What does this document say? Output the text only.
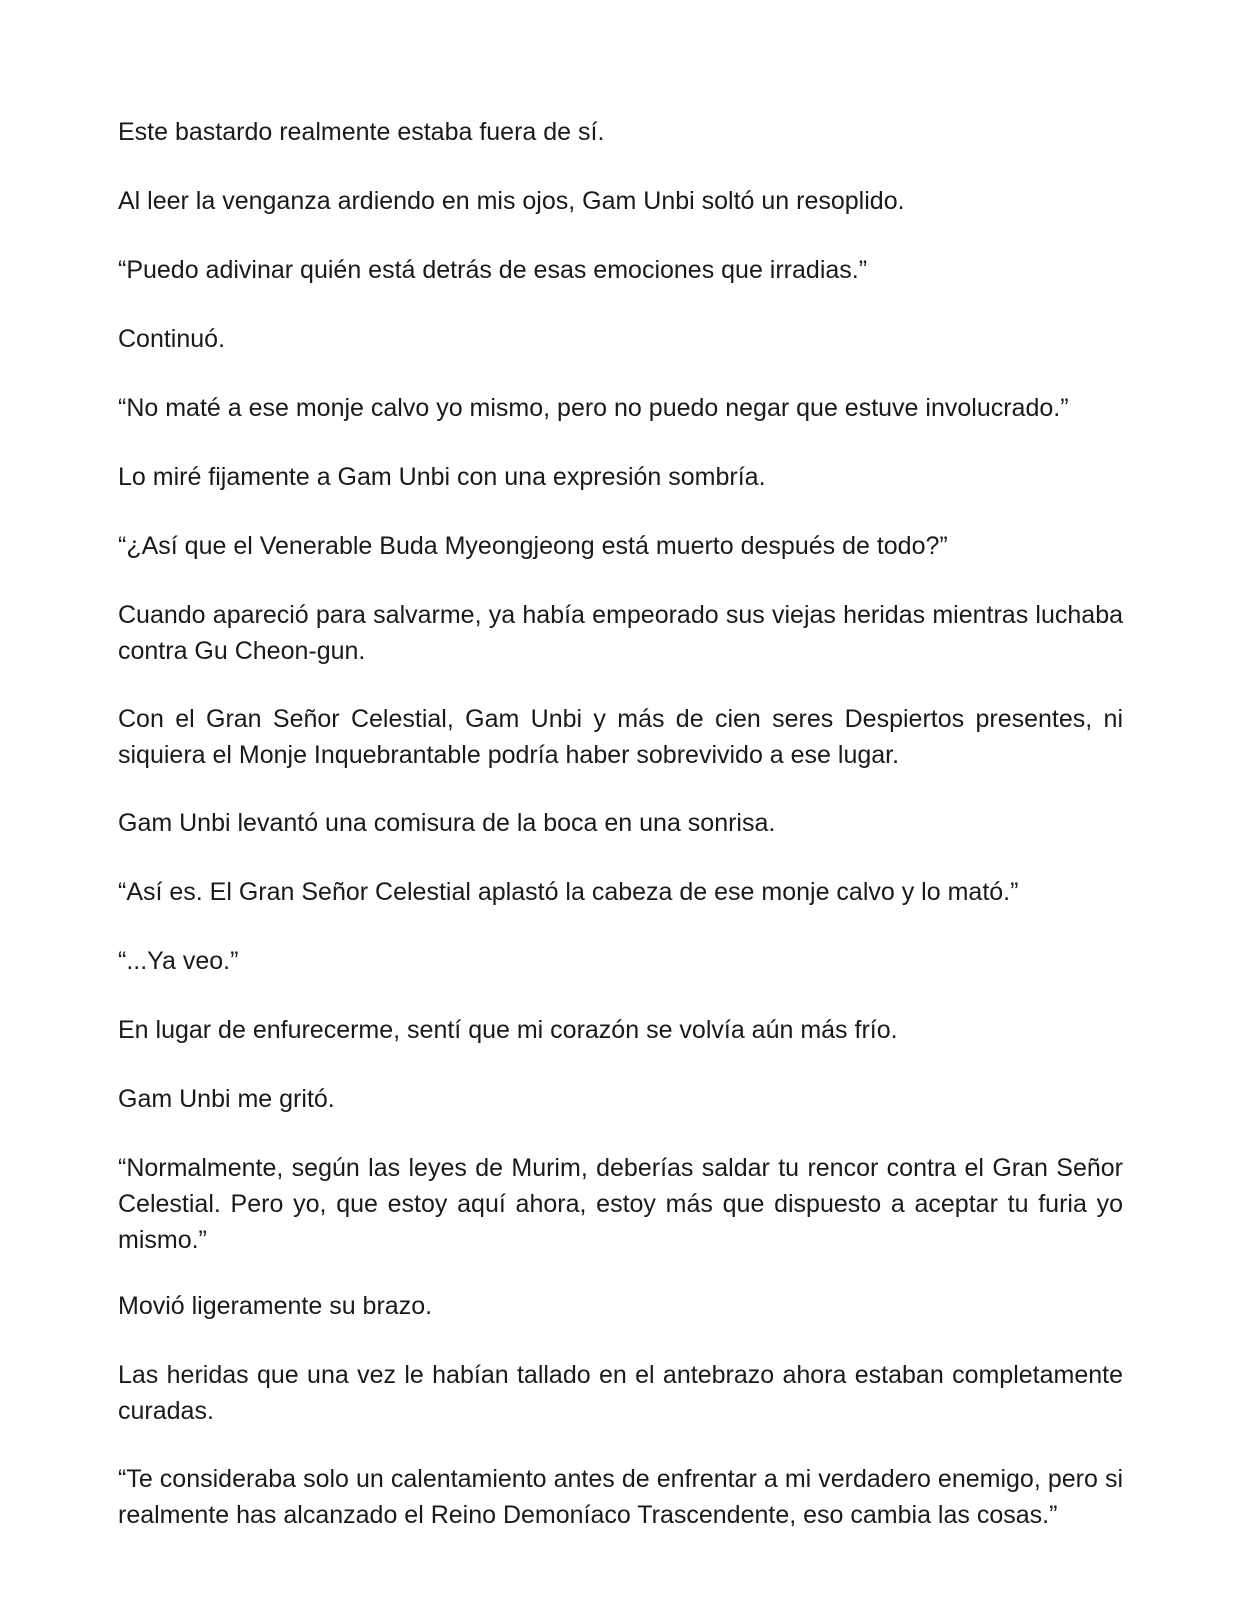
Este bastardo realmente estaba fuera de sí.

Al leer la venganza ardiendo en mis ojos, Gam Unbi soltó un resoplido.

“Puedo adivinar quién está detrás de esas emociones que irradias.”

Continuó.

“No maté a ese monje calvo yo mismo, pero no puedo negar que estuve involucrado.”

Lo miré fijamente a Gam Unbi con una expresión sombría.

“¿Así que el Venerable Buda Myeongjeong está muerto después de todo?”

Cuando apareció para salvarme, ya había empeorado sus viejas heridas mientras luchaba contra Gu Cheon-gun.

Con el Gran Señor Celestial, Gam Unbi y más de cien seres Despiertos presentes, ni siquiera el Monje Inquebrantable podría haber sobrevivido a ese lugar.

Gam Unbi levantó una comisura de la boca en una sonrisa.

“Así es. El Gran Señor Celestial aplastó la cabeza de ese monje calvo y lo mató.”

“...Ya veo.”

En lugar de enfurecerme, sentí que mi corazón se volvía aún más frío.

Gam Unbi me gritó.

“Normalmente, según las leyes de Murim, deberías saldar tu rencor contra el Gran Señor Celestial. Pero yo, que estoy aquí ahora, estoy más que dispuesto a aceptar tu furia yo mismo.”

Movió ligeramente su brazo.

Las heridas que una vez le habían tallado en el antebrazo ahora estaban completamente curadas.

“Te consideraba solo un calentamiento antes de enfrentar a mi verdadero enemigo, pero si realmente has alcanzado el Reino Demoníaco Trascendente, eso cambia las cosas.”
